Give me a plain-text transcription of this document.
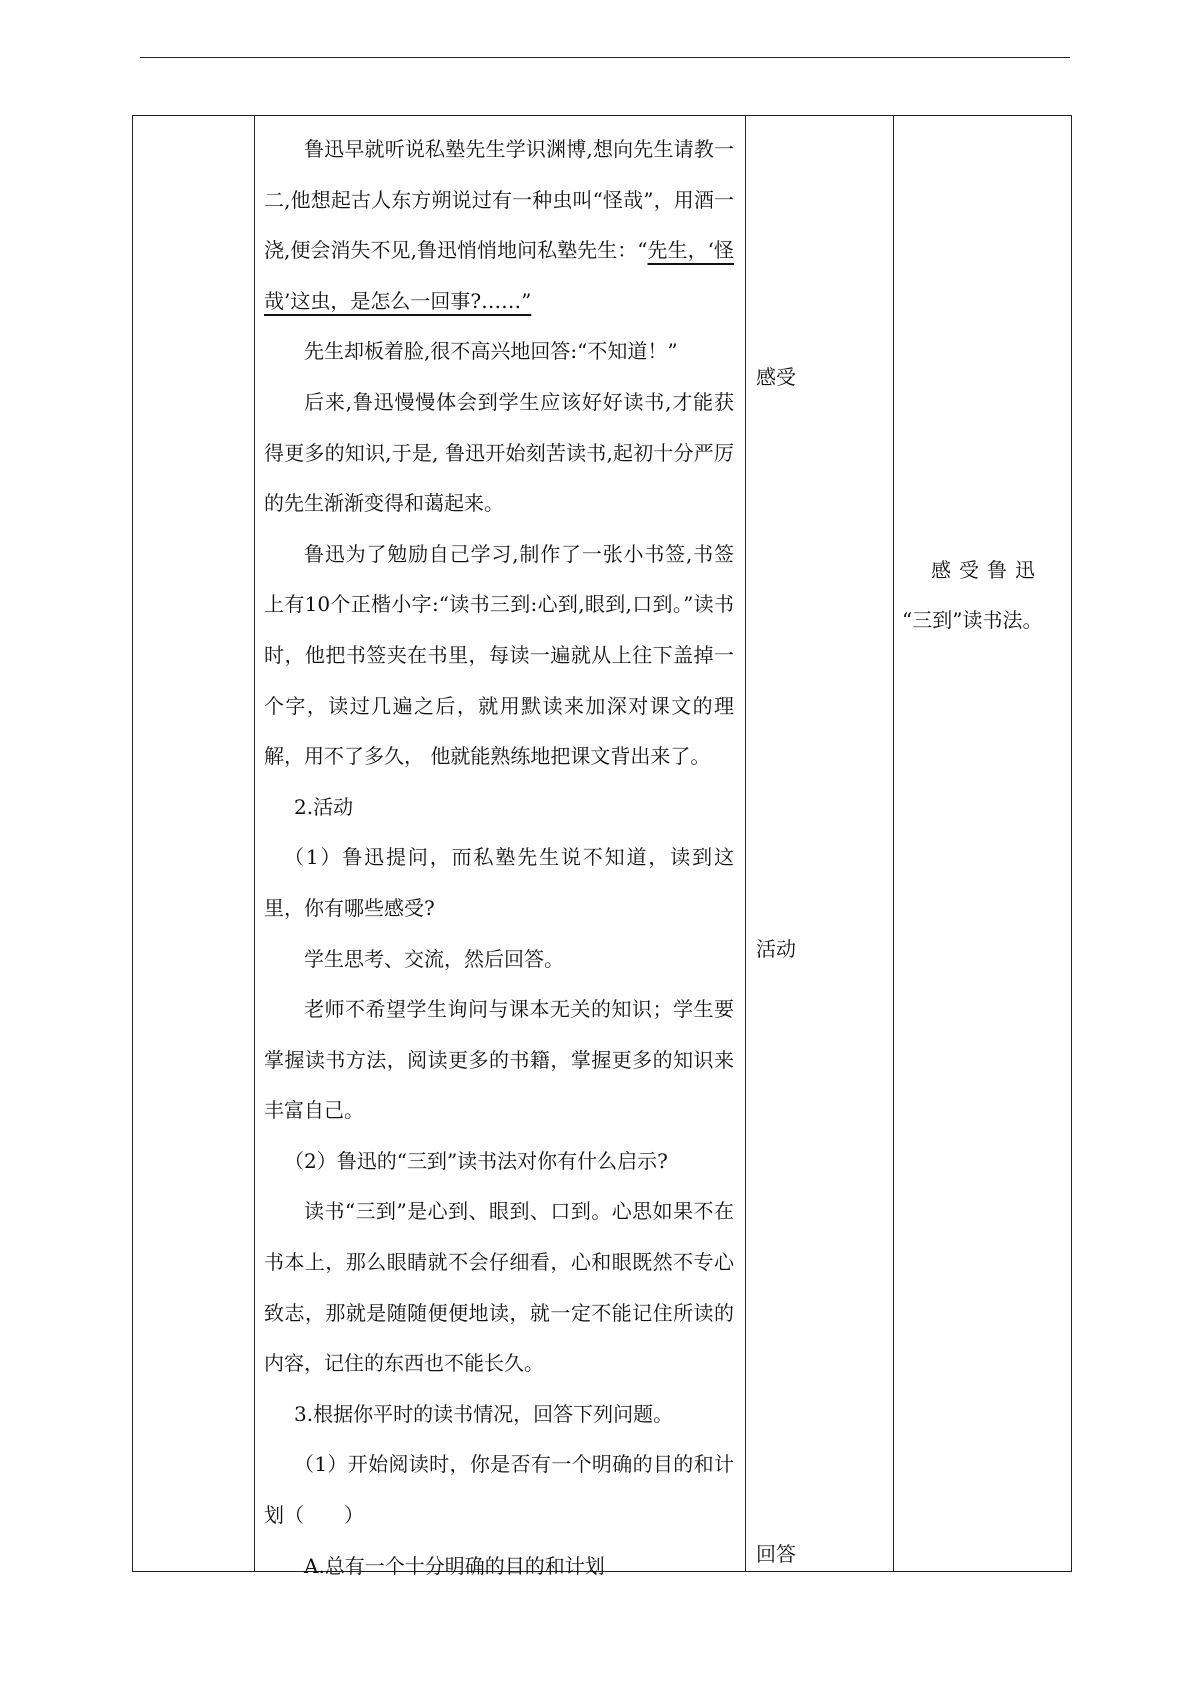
鲁迅早就听说私塾先生学识渊博,想向先生请教一二,他想起古人东方朔说过有一种虫叫“怪哉”，用酒一浇,便会消失不见,鲁迅悄悄地问私塾先生：“先生，‘怪哉’这虫，是怎么一回事?……”

先生却板着脸,很不高兴地回答:“不知道！”

后来,鲁迅慢慢体会到学生应该好好读书,才能获得更多的知识,于是, 鲁迅开始刻苦读书,起初十分严厉的先生渐渐变得和蔼起来。

鲁迅为了勉励自己学习,制作了一张小书签,书签上有10个正楷小字:“读书三到:心到,眼到,口到。”读书时，他把书签夹在书里，每读一遍就从上往下盖掉一个字，读过几遍之后，就用默读来加深对课文的理解，用不了多久， 他就能熟练地把课文背出来了。

2.活动

（1）鲁迅提问，而私塾先生说不知道，读到这里，你有哪些感受?

学生思考、交流，然后回答。

老师不希望学生询问与课本无关的知识；学生要掌握读书方法，阅读更多的书籍，掌握更多的知识来丰富自己。

（2）鲁迅的“三到”读书法对你有什么启示?

读书“三到”是心到、眼到、口到。心思如果不在书本上，那么眼睛就不会仔细看，心和眼既然不专心致志，那就是随随便便地读，就一定不能记住所读的内容，记住的东西也不能长久。

3.根据你平时的读书情况，回答下列问题。

（1）开始阅读时，你是否有一个明确的目的和计划（　　）

A.总有一个十分明确的目的和计划

感受
活动
回答

感受鲁迅

“三到”读书法。
